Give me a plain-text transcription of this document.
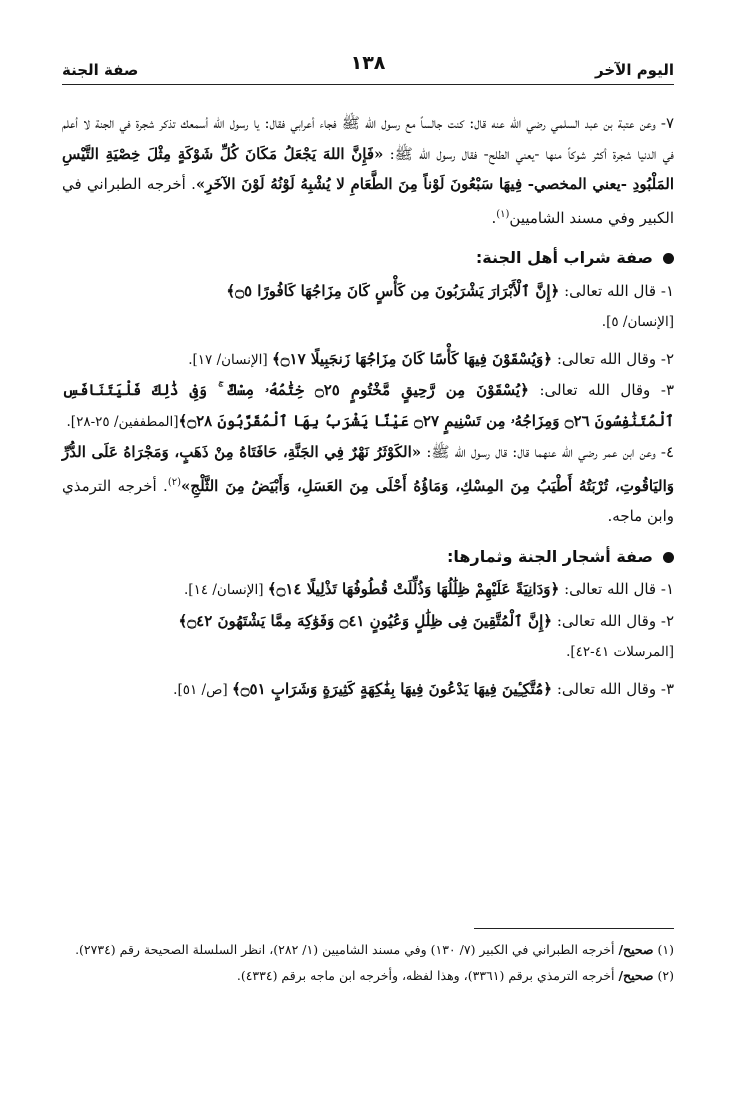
اليوم الآخر
١٣٨
صفة الجنة

٧- وعن عتبة بن عبد السلمي رضي الله عنه قال: كنت جالساً مع رسول الله ﷺ فجاء أعرابي فقال: يا رسول الله أسمعك تذكر شجرة في الجنة لا أعلم في الدنيا شجرة أكثر شوكاً منها -يعني الطلح- فقال رسول الله ﷺ: «فَإِنَّ اللهَ يَجْعَلُ مَكَانَ كُلِّ شَوْكَةٍ مِثْلَ خِصْيَةِ التَّيْسِ المَلْبُودِ -يعني المخصي- فِيهَا سَبْعُونَ لَوْناً مِنَ الطَّعَامِ لا يُشْبِهُ لَوْنُهُ لَوْنَ الآخَرِ». أخرجه الطبراني في الكبير وفي مسند الشاميين$^{(١)}$.

صفة شراب أهل الجنة:

١- قال الله تعالى: ﴿إِنَّ ٱلْأَبْرَارَ يَشْرَبُونَ مِن كَأْسٍ كَانَ مِزَاجُهَا كَافُورًا ۝٥﴾
[الإنسان/ ٥].

٢- وقال الله تعالى: ﴿وَيُسْقَوْنَ فِيهَا كَأْسًا كَانَ مِزَاجُهَا زَنجَبِيلًا ۝١٧﴾ [الإنسان/ ١٧].

٣- وقال الله تعالى: ﴿يُسْقَوْنَ مِن رَّحِيقٍ مَّخْتُومٍ ۝٢٥ خِتَٰمُهُۥ مِسْكٌ ۚ وَفِى ذَٰلِكَ فَلْيَتَنَافَسِ ٱلْمُتَنَٰفِسُونَ ۝٢٦ وَمِزَاجُهُۥ مِن تَسْنِيمٍ ۝٢٧ عَيْنًا يَشْرَبُ بِهَا ٱلْمُقَرَّبُونَ ۝٢٨﴾[المطففين/ ٢٥-٢٨].

٤- وعن ابن عمر رضي الله عنهما قال: قال رسول الله ﷺ: «الكَوْثَرُ نَهْرٌ فِي الجَنَّةِ، حَافَتَاهُ مِنْ ذَهَبٍ، وَمَجْرَاهُ عَلَى الدُّرِّ وَاليَاقُوتِ، تُرْبَتُهُ أَطْيَبُ مِنَ المِسْكِ، وَمَاؤُهُ أَحْلَى مِنَ العَسَلِ، وَأَبْيَضُ مِنَ الثَّلْجِ»$^{(٢)}$. أخرجه الترمذي وابن ماجه.

صفة أشجار الجنة وثمارها:

١- قال الله تعالى: ﴿وَدَانِيَةً عَلَيْهِمْ ظِلَٰلُهَا وَذُلِّلَتْ قُطُوفُهَا تَذْلِيلًا ۝١٤﴾ [الإنسان/ ١٤].

٢- وقال الله تعالى: ﴿إِنَّ ٱلْمُتَّقِينَ فِى ظِلَٰلٍ وَعُيُونٍ ۝٤١ وَفَوَٰكِهَ مِمَّا يَشْتَهُونَ ۝٤٢﴾
[المرسلات ٤١-٤٢].

٣- وقال الله تعالى: ﴿مُتَّكِـِٔينَ فِيهَا يَدْعُونَ فِيهَا بِفَٰكِهَةٍ كَثِيرَةٍ وَشَرَابٍ ۝٥١﴾ [ص/ ٥١].

(١) صحيح/ أخرجه الطبراني في الكبير (٧/ ١٣٠) وفي مسند الشاميين (١/ ٢٨٢)، انظر السلسلة الصحيحة رقم (٢٧٣٤).

(٢) صحيح/ أخرجه الترمذي برقم (٣٣٦١)، وهذا لفظه، وأخرجه ابن ماجه برقم (٤٣٣٤).
